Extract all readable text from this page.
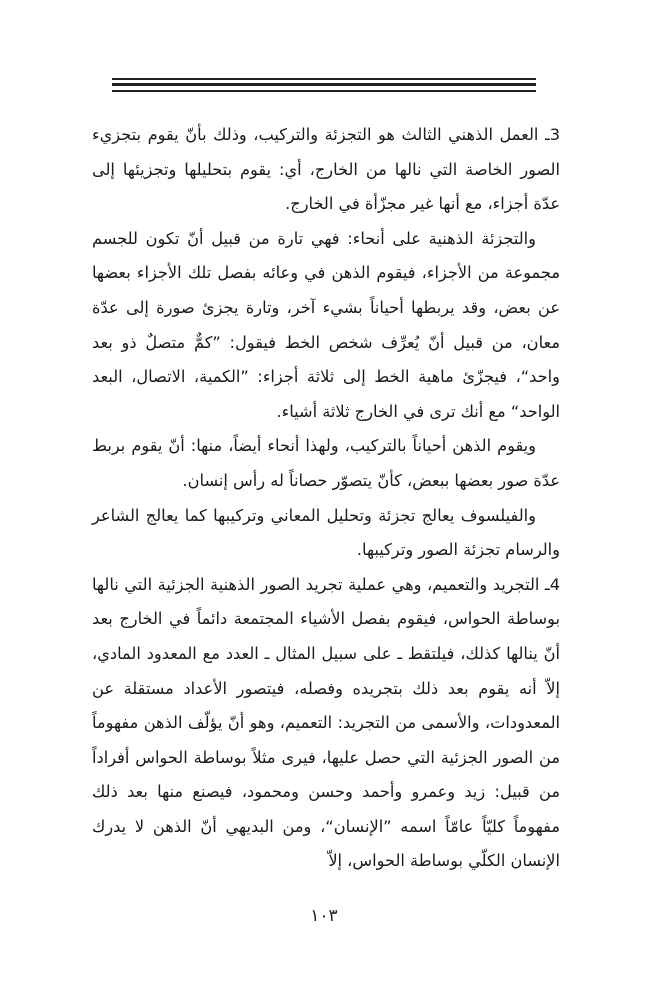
3ـ العمل الذهني الثالث هو التجزئة والتركيب، وذلك بأنّ يقوم بتجزيء الصور الخاصة التي نالها من الخارج، أي: يقوم بتحليلها وتجزيئها إلى عدّة أجزاء، مع أنها غير مجزّأة في الخارج.

والتجزئة الذهنية على أنحاء: فهي تارة من قبيل أنّ تكون للجسم مجموعة من الأجزاء، فيقوم الذهن في وعائه بفصل تلك الأجزاء بعضها عن بعض، وقد يربطها أحياناً بشيء آخر، وتارة يجزئ صورة إلى عدّة معان، من قبيل أنّ يُعرِّف شخص الخط فيقول: ”كمٌّ متصلٌ ذو بعد واحد“، فيجزّئ ماهية الخط إلى ثلاثة أجزاء: ”الكمية، الاتصال، البعد الواحد“ مع أنك ترى في الخارج ثلاثة أشياء.

ويقوم الذهن أحياناً بالتركيب، ولهذا أنحاء أيضاً، منها: أنّ يقوم بربط عدّة صور بعضها ببعض، كأنّ يتصوّر حصاناً له رأس إنسان.

والفيلسوف يعالج تجزئة وتحليل المعاني وتركيبها كما يعالج الشاعر والرسام تجزئة الصور وتركيبها.

4ـ التجريد والتعميم، وهي عملية تجريد الصور الذهنية الجزئية التي نالها بوساطة الحواس، فيقوم بفصل الأشياء المجتمعة دائماً في الخارج بعد أنّ ينالها كذلك، فيلتقط ـ على سبيل المثال ـ العدد مع المعدود المادي، إلاّ أنه يقوم بعد ذلك بتجريده وفصله، فيتصور الأعداد مستقلة عن المعدودات، والأسمى من التجريد: التعميم، وهو أنّ يؤلّف الذهن مفهوماً من الصور الجزئية التي حصل عليها، فيرى مثلاً بوساطة الحواس أفراداً من قبيل: زيد وعمرو وأحمد وحسن ومحمود، فيصنع منها بعد ذلك مفهوماً كليّاً عامّاً اسمه ”الإنسان“، ومن البديهي أنّ الذهن لا يدرك الإنسان الكلّي بوساطة الحواس، إلاّ

١٠٣
